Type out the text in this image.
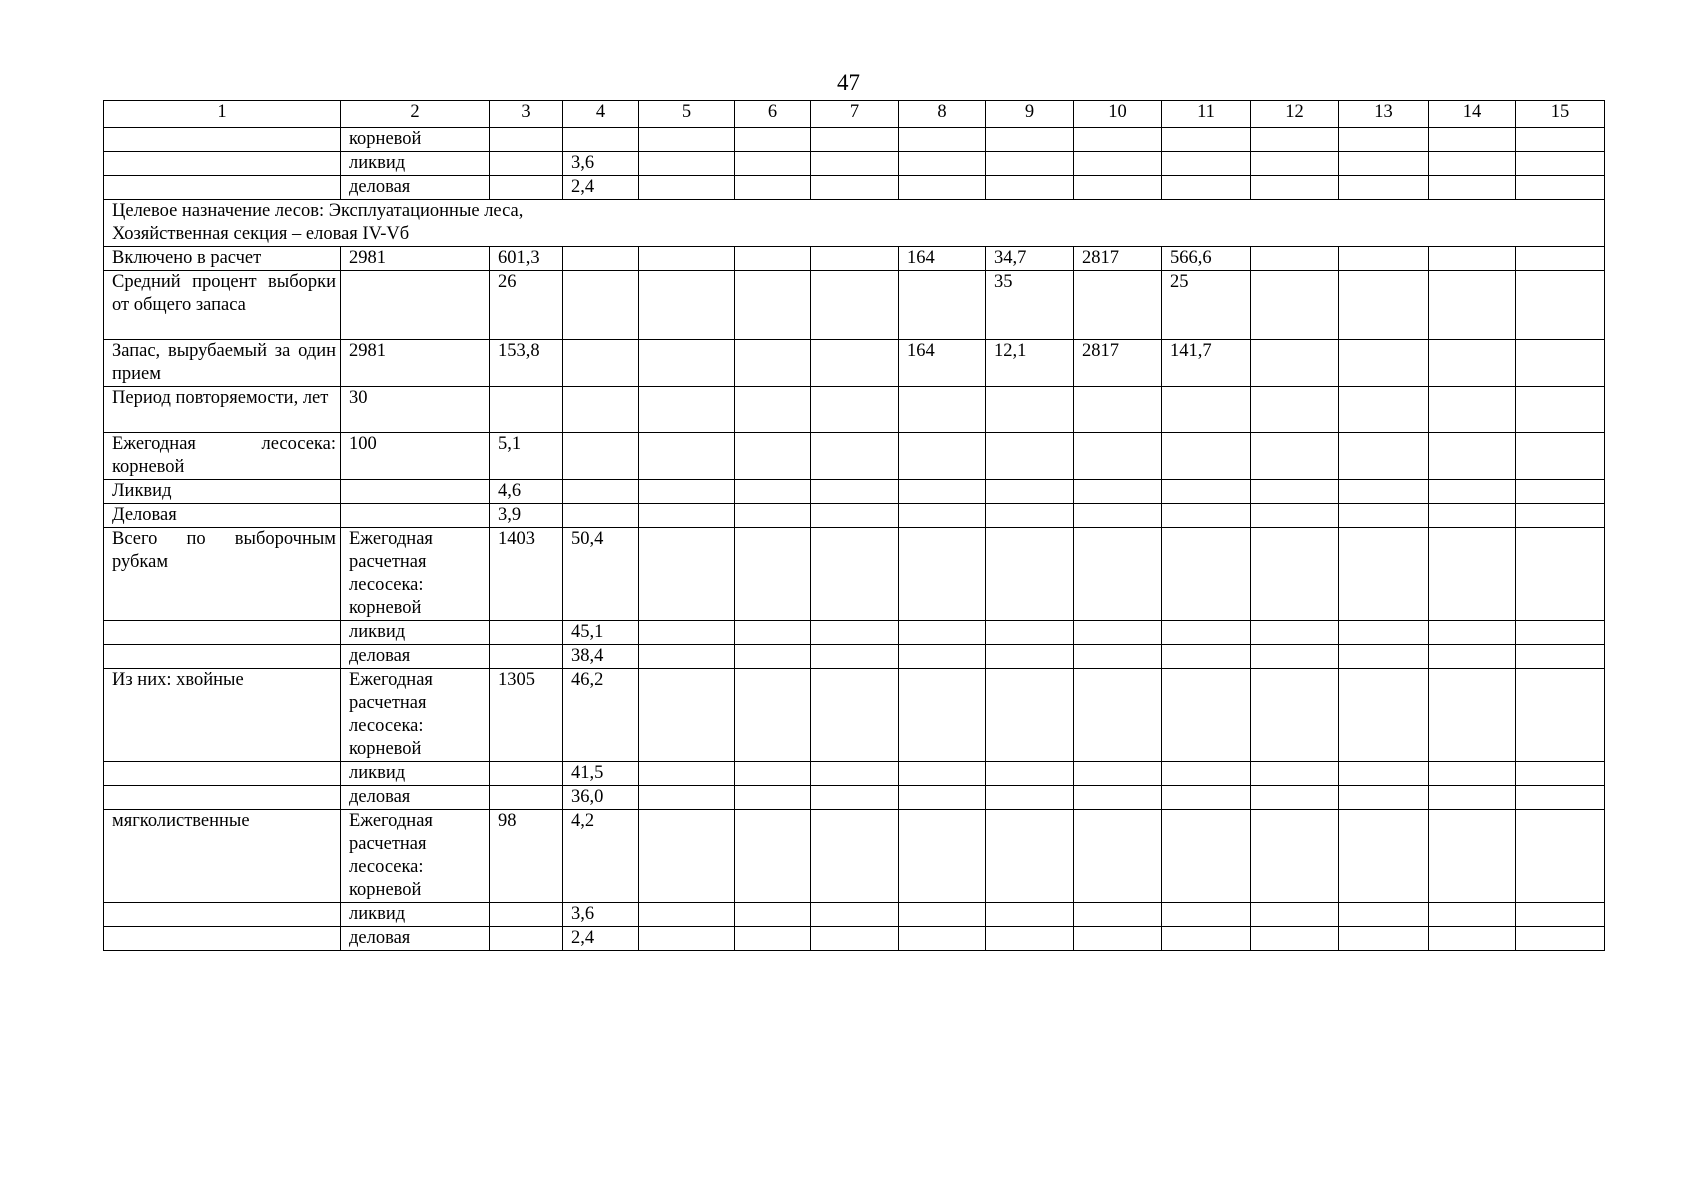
47
1	2	3	4	5	6	7	8	9	10	11	12	13	14	15
	корневой													
	ликвид		3,6											
	деловая		2,4											

Целевое назначение лесов: Эксплуатационные леса,
Хозяйственная секция – еловая IV-Vб														

Включено в расчет	2981	601,3					164	34,7	2817	566,6				
Средний процент выборки от общего запаса		26						35		25				
Запас, вырубаемый за один прием	2981	153,8					164	12,1	2817	141,7				
Период повторяемости, лет	30													
Ежегодная лесосека: корневой	100	5,1												
Ликвид		4,6												
Деловая		3,9												
Всего по выборочным рубкам	Ежегодная расчетная лесосека: корневой	1403	50,4											
	ликвид		45,1											
	деловая		38,4											
Из них: хвойные	Ежегодная расчетная лесосека: корневой	1305	46,2											
	ликвид		41,5											
	деловая		36,0											
мягколиственные	Ежегодная расчетная лесосека: корневой	98	4,2											
	ликвид		3,6											
	деловая		2,4											
